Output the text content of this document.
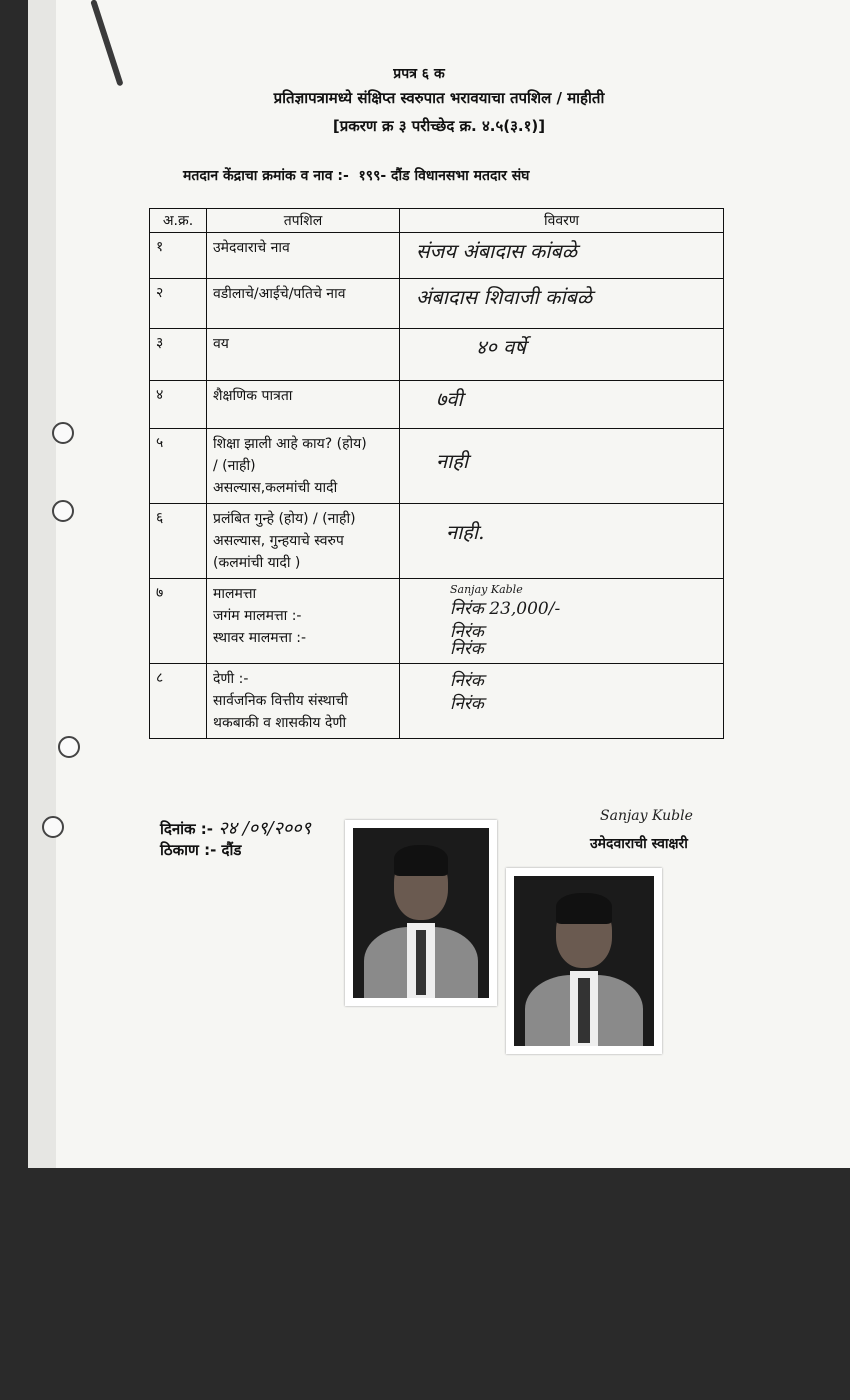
प्रपत्र ६ क
प्रतिज्ञापत्रामध्ये संक्षिप्त स्वरुपात भरावयाचा तपशिल / माहीती
[प्रकरण क्र ३ परीच्छेद क्र. ४.५(३.१)]
मतदान केंद्राचा क्रमांक व नाव :- १९९- दौंड विधानसभा मतदार संघ
अ.क्र.	तपशिल	विवरण
१	उमेदवाराचे नाव	संजय अंबादास कांबळे

२	वडीलाचे/आईचे/पतिचे नाव	अंबादास शिवाजी कांबळे

३	वय	४० वर्षे

४	शैक्षणिक पात्रता	७वी

५	शिक्षा झाली आहे काय? (होय)
/ (नाही)
असल्यास,कलमांची यादी	नाही

६	प्रलंबित गुन्हे (होय) / (नाही)
असल्यास, गुन्हयाचे स्वरुप
(कलमांची यादी )	नाही.

७	मालमत्ता
जगंम मालमत्ता :-
स्थावर मालमत्ता :-	Sanjay Kable
निरंक 23,000/-
निरंक
निरंक

८	देणी :-
सार्वजनिक वित्तीय संस्थाची
थकबाकी व शासकीय देणी	निरंक
निरंक
दिनांक :- २४ /०९/२००९
ठिकाण :- दौंड
Sanjay Kuble
उमेदवाराची स्वाक्षरी
